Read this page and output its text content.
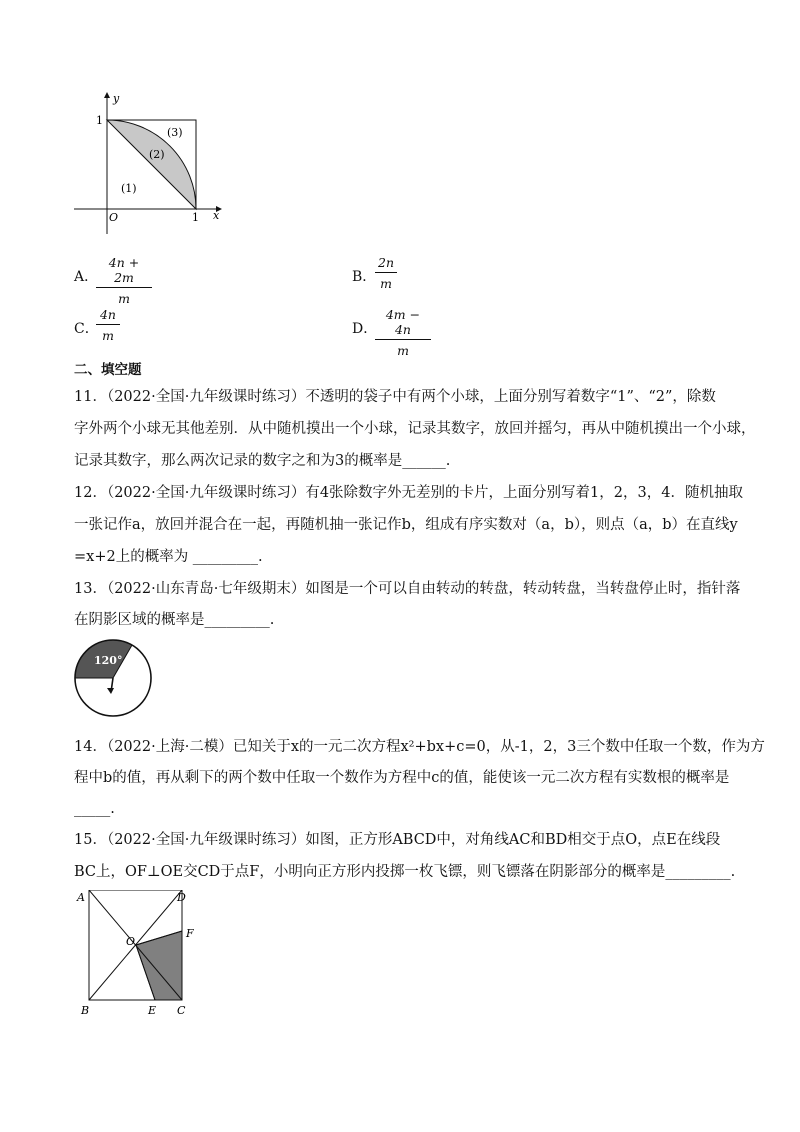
y
x
1
O	1
(1)
(2)
(3)
A．
$\frac{4n + 2m}{m}$	B．
$\frac{2n}{m}$
C．
$\frac{4n}{m}$	D．
$\frac{4m - 4n}{m}$
二、填空题
11．（2022·全国·九年级课时练习）不透明的袋子中有两个小球，上面分别写着数字“1”、“2”，除数
字外两个小球无其他差别．从中随机摸出一个小球，记录其数字，放回并摇匀，再从中随机摸出一个小球，
记录其数字，那么两次记录的数字之和为3的概率是______.
12．（2022·全国·九年级课时练习）有4张除数字外无差别的卡片，上面分别写着1，2，3，4．随机抽取
一张记作a，放回并混合在一起，再随机抽一张记作b，组成有序实数对（a，b），则点（a，b）在直线y
=x+2上的概率为 _________.
13．（2022·山东青岛·七年级期末）如图是一个可以自由转动的转盘，转动转盘，当转盘停止时，指针落
在阴影区域的概率是_________.
120°
14．（2022·上海·二模）已知关于x的一元二次方程x²+bx+c=0，从-1，2，3三个数中任取一个数，作为方
程中b的值，再从剩下的两个数中任取一个数作为方程中c的值，能使该一元二次方程有实数根的概率是
_____.
15．（2022·全国·九年级课时练习）如图，正方形ABCD中，对角线AC和BD相交于点O，点E在线段
BC上，OF⊥OE交CD于点F，小明向正方形内投掷一枚飞镖，则飞镖落在阴影部分的概率是_________.
A	D
O
F
B	E C
